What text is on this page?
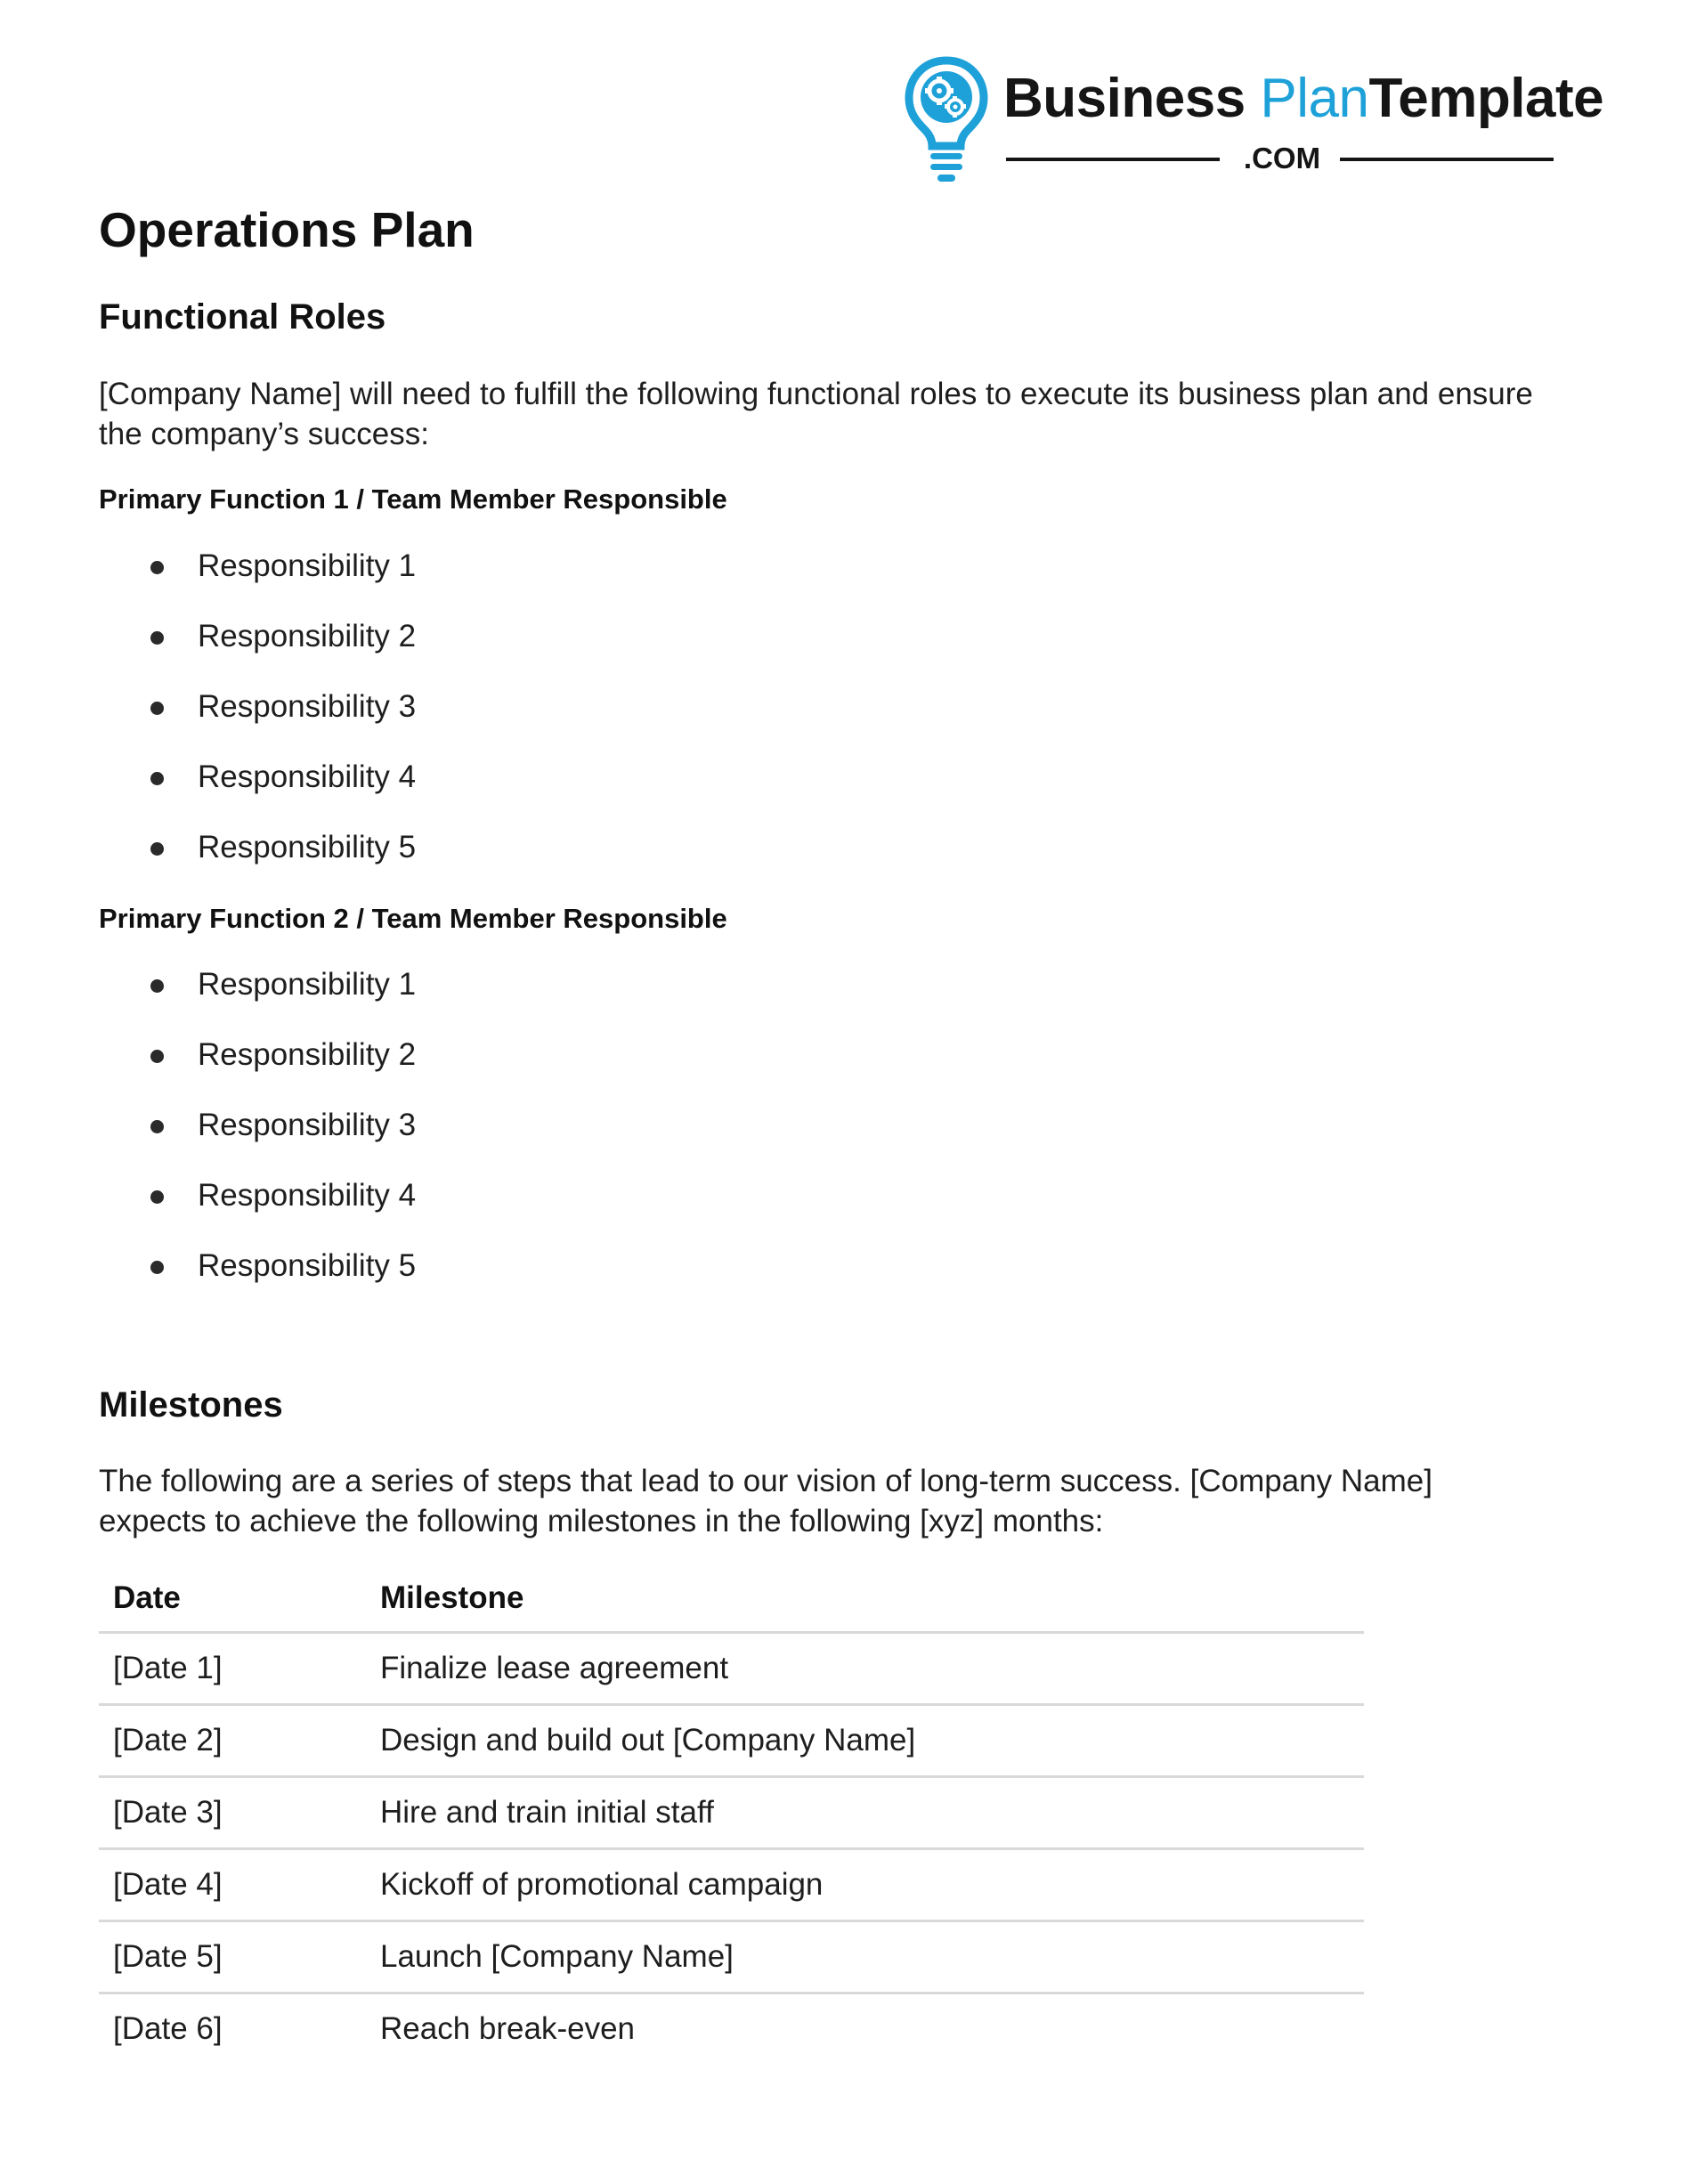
Business PlanTemplate
.COM
Operations Plan
Functional Roles

[Company Name] will need to fulfill the following functional roles to execute its business plan and ensure the company’s success:

Primary Function 1 / Team Member Responsible
Responsibility 1
Responsibility 2
Responsibility 3
Responsibility 4
Responsibility 5
Primary Function 2 / Team Member Responsible
Responsibility 1
Responsibility 2
Responsibility 3
Responsibility 4
Responsibility 5
Milestones

The following are a series of steps that lead to our vision of long-term success. [Company Name] expects to achieve the following milestones in the following [xyz] months:

Date	Milestone
[Date 1]	Finalize lease agreement
[Date 2]	Design and build out [Company Name]
[Date 3]	Hire and train initial staff
[Date 4]	Kickoff of promotional campaign
[Date 5]	Launch [Company Name]
[Date 6]	Reach break-even
